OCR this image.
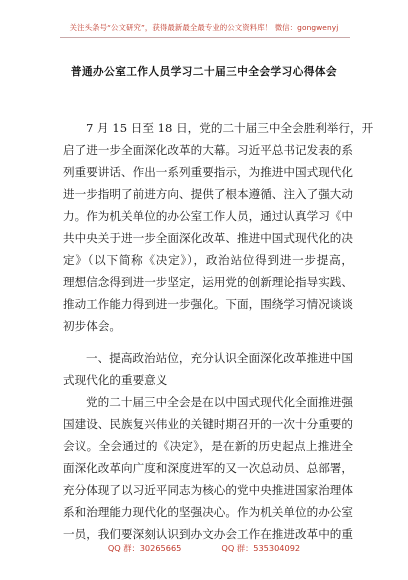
关注头条号“公文研究”，获得最新最全最专业的公文资料库！ 微信：gongwenyj
普通办公室工作人员学习二十届三中全会学习心得体会
7 月 15 日至 18 日，党的二十届三中全会胜利举行，开
启了进一步全面深化改革的大幕。习近平总书记发表的系
列重要讲话、作出一系列重要指示，为推进中国式现代化
进一步指明了前进方向、提供了根本遵循、注入了强大动
力。作为机关单位的办公室工作人员，通过认真学习《中
共中央关于进一步全面深化改革、推进中国式现代化的决
定》（以下简称《决定》），政治站位得到进一步提高，
理想信念得到进一步坚定，运用党的创新理论指导实践、
推动工作能力得到进一步强化。下面，围绕学习情况谈谈
初步体会。
一、提高政治站位，充分认识全面深化改革推进中国
式现代化的重要意义
党的二十届三中全会是在以中国式现代化全面推进强
国建设、民族复兴伟业的关键时期召开的一次十分重要的
会议。全会通过的《决定》，是在新的历史起点上推进全
面深化改革向广度和深度进军的又一次总动员、总部署，
充分体现了以习近平同志为核心的党中央推进国家治理体
系和治理能力现代化的坚强决心。作为机关单位的办公室
一员，我们要深刻认识到办文办会工作在推进改革中的重
QQ 群：30265665	QQ 群：535304092
